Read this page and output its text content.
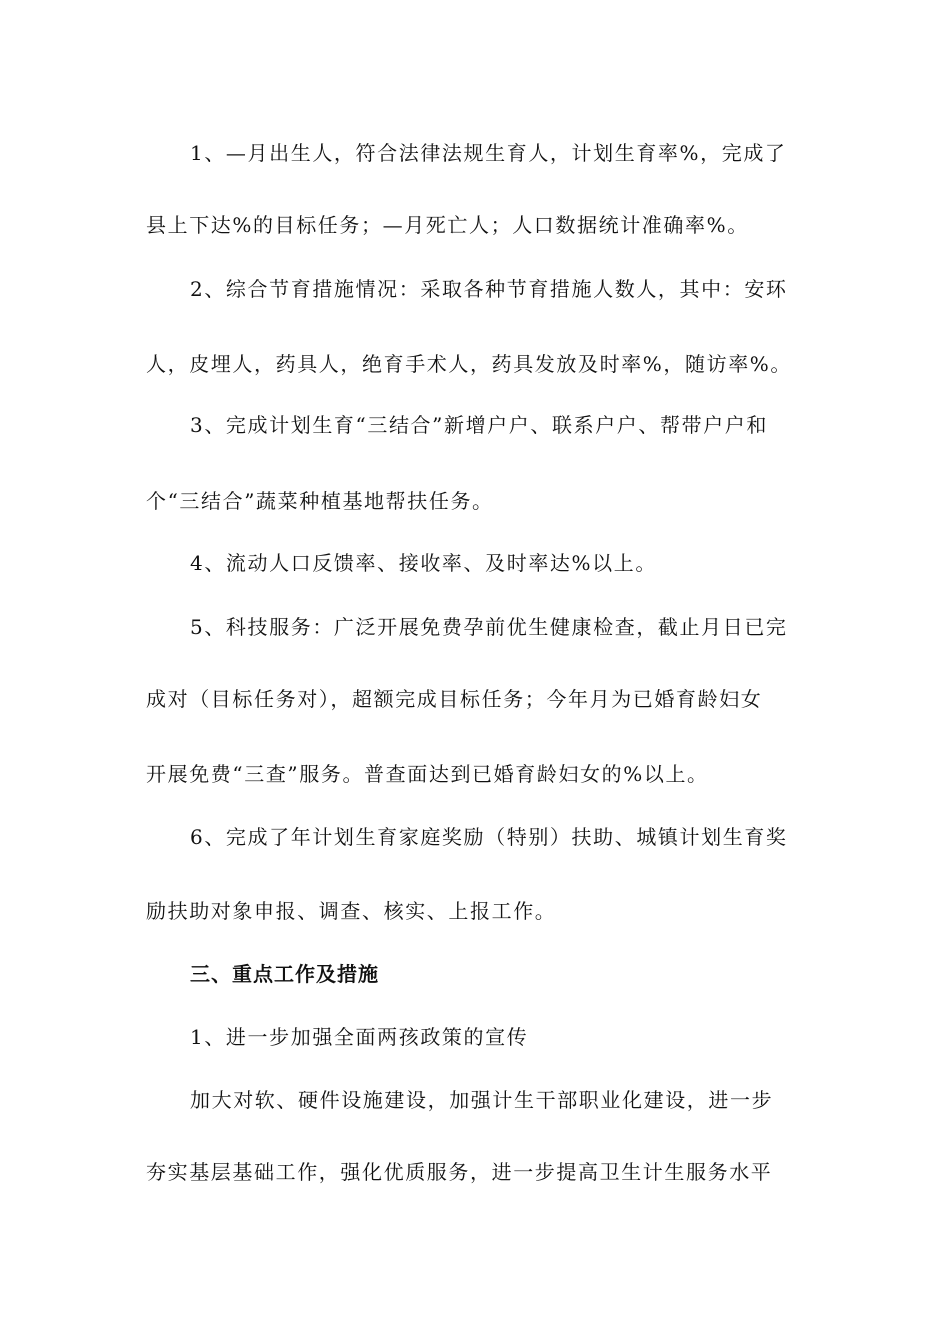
1、—月出生人，符合法律法规生育人，计划生育率%，完成了
县上下达%的目标任务；—月死亡人；人口数据统计准确率%。
2、综合节育措施情况：采取各种节育措施人数人，其中：安环
人，皮埋人，药具人，绝育手术人，药具发放及时率%，随访率%。
3、完成计划生育“三结合”新增户户、联系户户、帮带户户和
个“三结合”蔬菜种植基地帮扶任务。
4、流动人口反馈率、接收率、及时率达%以上。
5、科技服务：广泛开展免费孕前优生健康检查，截止月日已完
成对（目标任务对），超额完成目标任务；今年月为已婚育龄妇女
开展免费“三查”服务。普查面达到已婚育龄妇女的%以上。
6、完成了年计划生育家庭奖励（特别）扶助、城镇计划生育奖
励扶助对象申报、调查、核实、上报工作。
三、重点工作及措施
1、进一步加强全面两孩政策的宣传
加大对软、硬件设施建设，加强计生干部职业化建设，进一步
夯实基层基础工作，强化优质服务，进一步提高卫生计生服务水平
